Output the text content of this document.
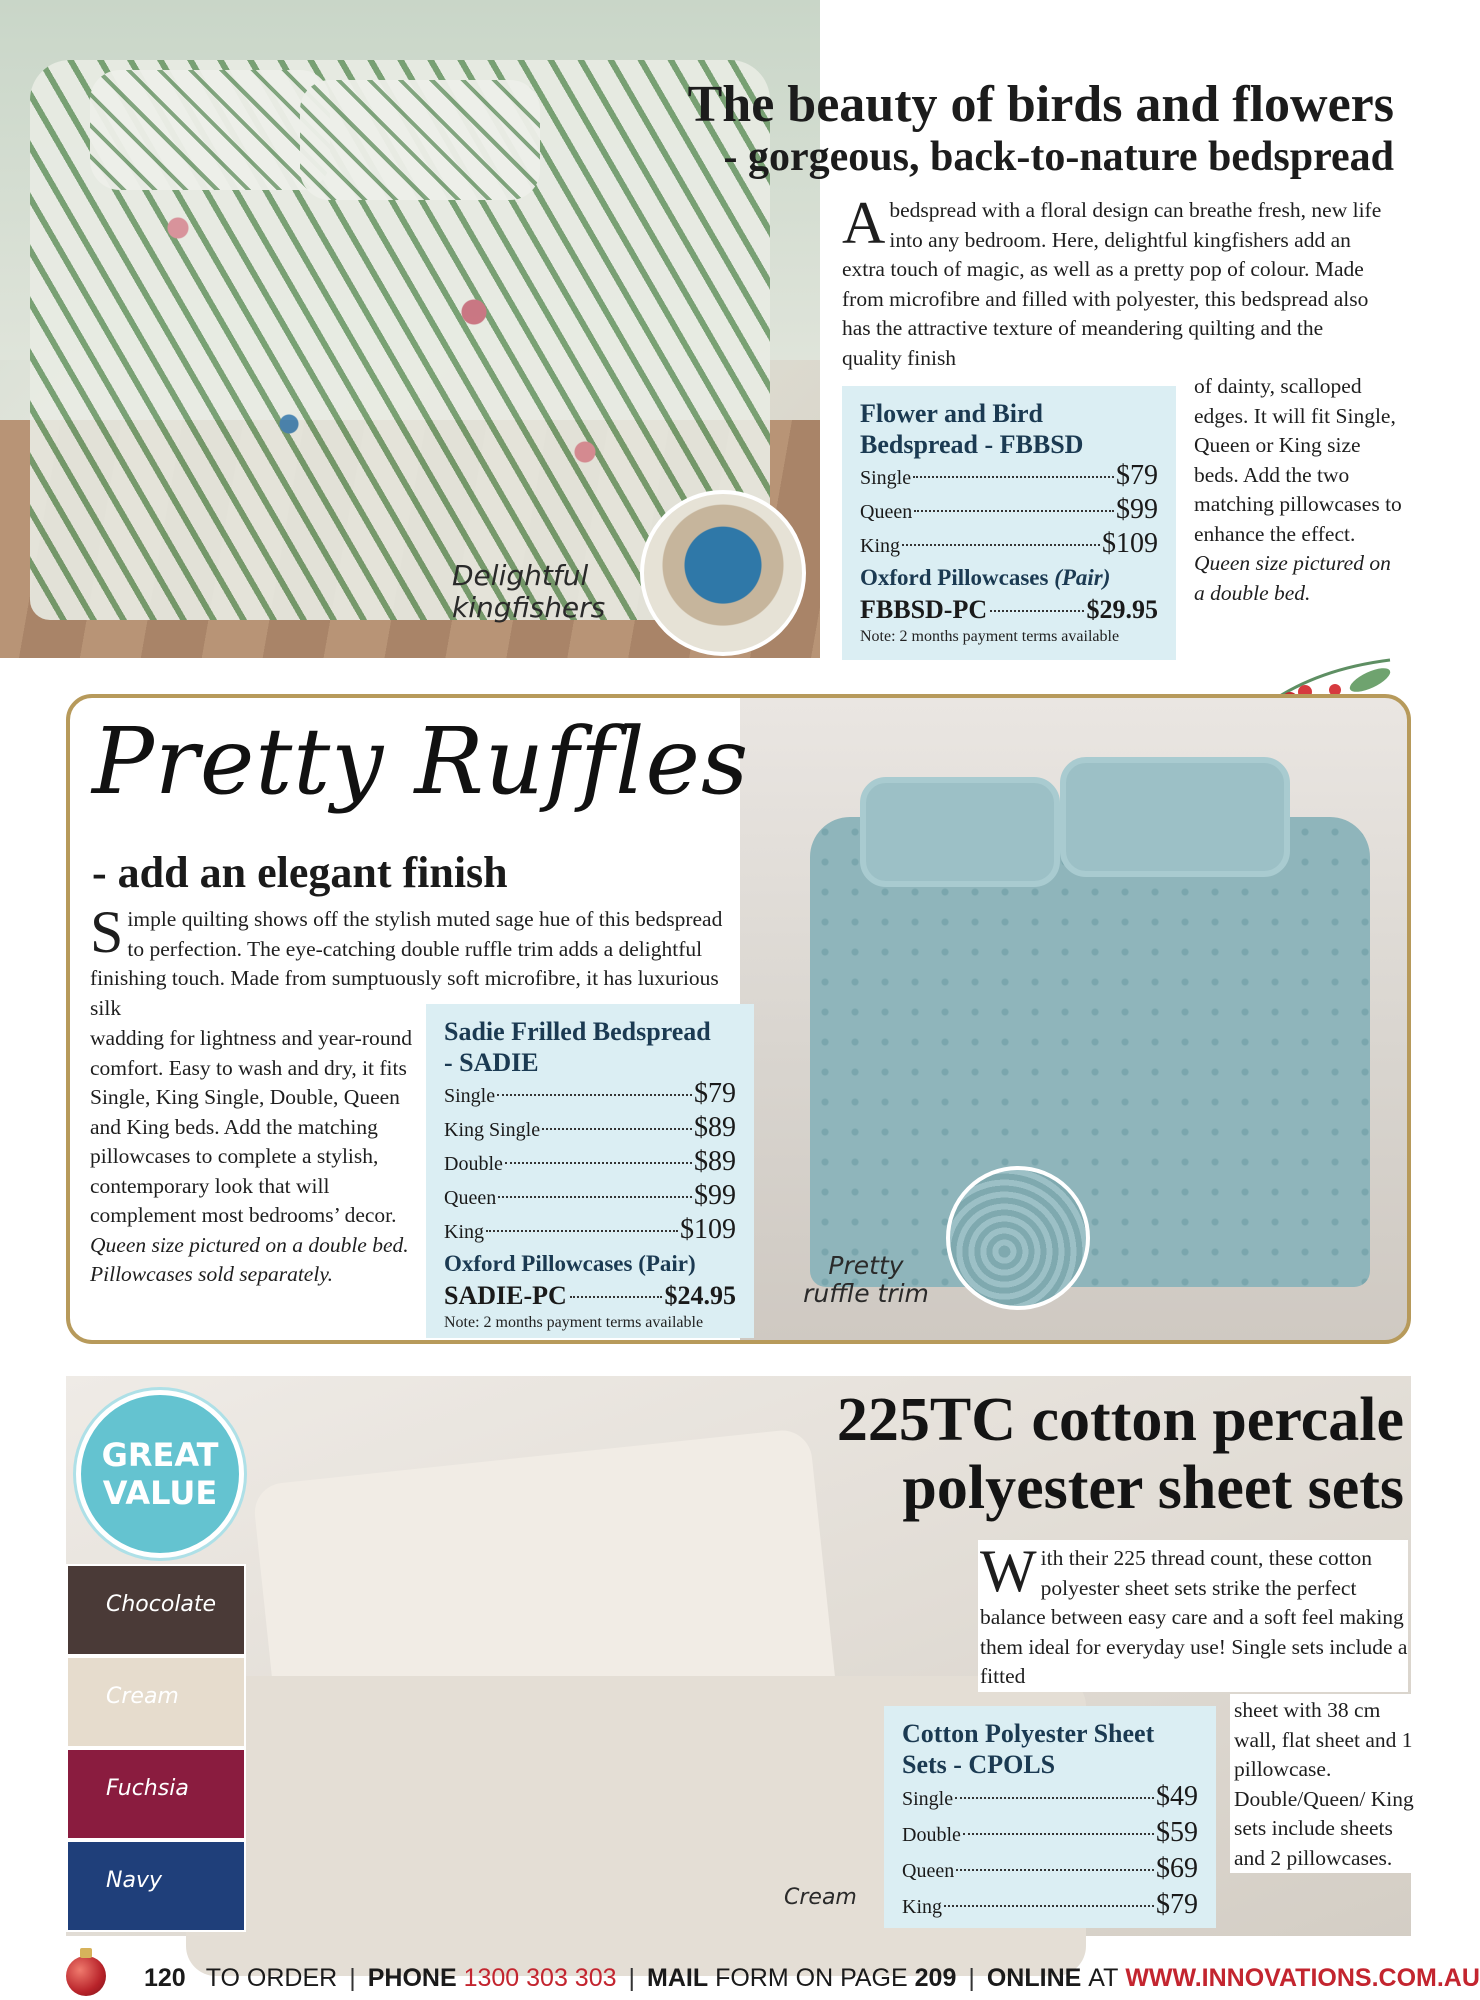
Delightful
kingfishers
The beauty of birds and flowers
- gorgeous, back-to-nature bedspread
A bedspread with a floral design can breathe fresh, new life into any bedroom. Here, delightful kingfishers add an extra touch of magic, as well as a pretty pop of colour. Made from microfibre and filled with polyester, this bedspread also has the attractive texture of meandering quilting and the quality finish
of dainty, scalloped edges. It will fit Single, Queen or King size beds. Add the two matching pillowcases to enhance the effect. Queen size pictured on a double bed.
Flower and Bird
Bedspread - FBBSD
Single	$79
Queen	$99
King	$109
Oxford Pillowcases (Pair)
FBBSD-PC	$29.95
Note: 2 months payment terms available
Pretty
ruffle trim
Pretty Ruffles
- add an elegant finish
Simple quilting shows off the stylish muted sage hue of this bedspread to perfection. The eye-catching double ruffle trim adds a delightful finishing touch. Made from sumptuously soft microfibre, it has luxurious silk
wadding for lightness and year-round comfort. Easy to wash and dry, it fits Single, King Single, Double, Queen and King beds. Add the matching pillowcases to complete a stylish, contemporary look that will complement most bedrooms’ decor. Queen size pictured on a double bed. Pillowcases sold separately.
Sadie Frilled Bedspread
- SADIE
Single	$79
King Single	$89
Double	$89
Queen	$99
King	$109
Oxford Pillowcases (Pair)
SADIE-PC	$24.95
Note: 2 months payment terms available
GREAT
VALUE
Chocolate
Cream
Fuchsia
Navy
Cream
225TC cotton percale
polyester sheet sets
With their 225 thread count, these cotton polyester sheet sets strike the perfect balance between easy care and a soft feel making them ideal for everyday use! Single sets include a fitted
sheet with 38 cm wall, flat sheet and 1 pillowcase. Double/Queen/ King sets include sheets and 2 pillowcases.
Cotton Polyester Sheet
Sets - CPOLS
Single	$49
Double	$59
Queen	$69
King	$79
120 TO ORDER | PHONE
1300 303 303 | MAIL
FORM ON PAGE
209 | ONLINE
AT
WWW.INNOVATIONS.COM.AU
